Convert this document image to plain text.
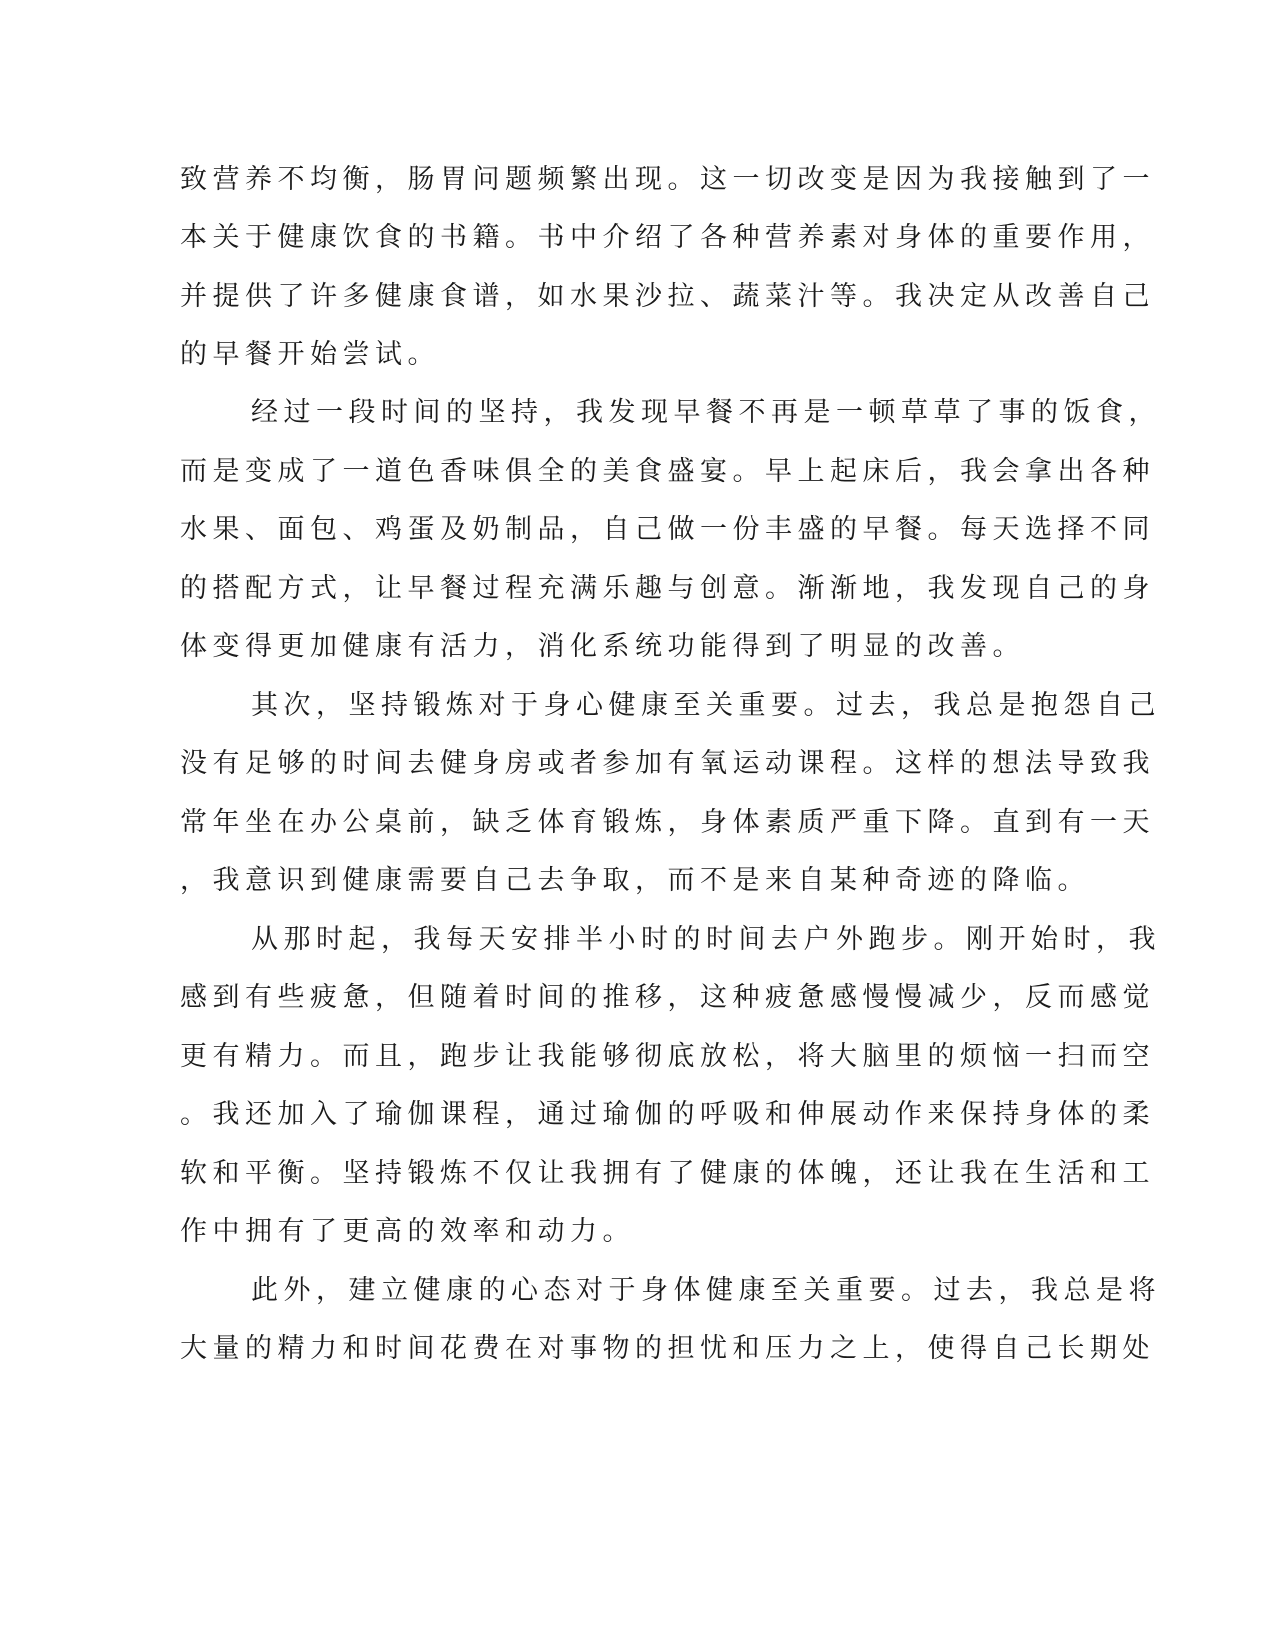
致营养不均衡，肠胃问题频繁出现。这一切改变是因为我接触到了一
本关于健康饮食的书籍。书中介绍了各种营养素对身体的重要作用，
并提供了许多健康食谱，如水果沙拉、蔬菜汁等。我决定从改善自己
的早餐开始尝试。
经过一段时间的坚持，我发现早餐不再是一顿草草了事的饭食，
而是变成了一道色香味俱全的美食盛宴。早上起床后，我会拿出各种
水果、面包、鸡蛋及奶制品，自己做一份丰盛的早餐。每天选择不同
的搭配方式，让早餐过程充满乐趣与创意。渐渐地，我发现自己的身
体变得更加健康有活力，消化系统功能得到了明显的改善。
其次，坚持锻炼对于身心健康至关重要。过去，我总是抱怨自己
没有足够的时间去健身房或者参加有氧运动课程。这样的想法导致我
常年坐在办公桌前，缺乏体育锻炼，身体素质严重下降。直到有一天
，我意识到健康需要自己去争取，而不是来自某种奇迹的降临。
从那时起，我每天安排半小时的时间去户外跑步。刚开始时，我
感到有些疲惫，但随着时间的推移，这种疲惫感慢慢减少，反而感觉
更有精力。而且，跑步让我能够彻底放松，将大脑里的烦恼一扫而空
。我还加入了瑜伽课程，通过瑜伽的呼吸和伸展动作来保持身体的柔
软和平衡。坚持锻炼不仅让我拥有了健康的体魄，还让我在生活和工
作中拥有了更高的效率和动力。
此外，建立健康的心态对于身体健康至关重要。过去，我总是将
大量的精力和时间花费在对事物的担忧和压力之上，使得自己长期处
